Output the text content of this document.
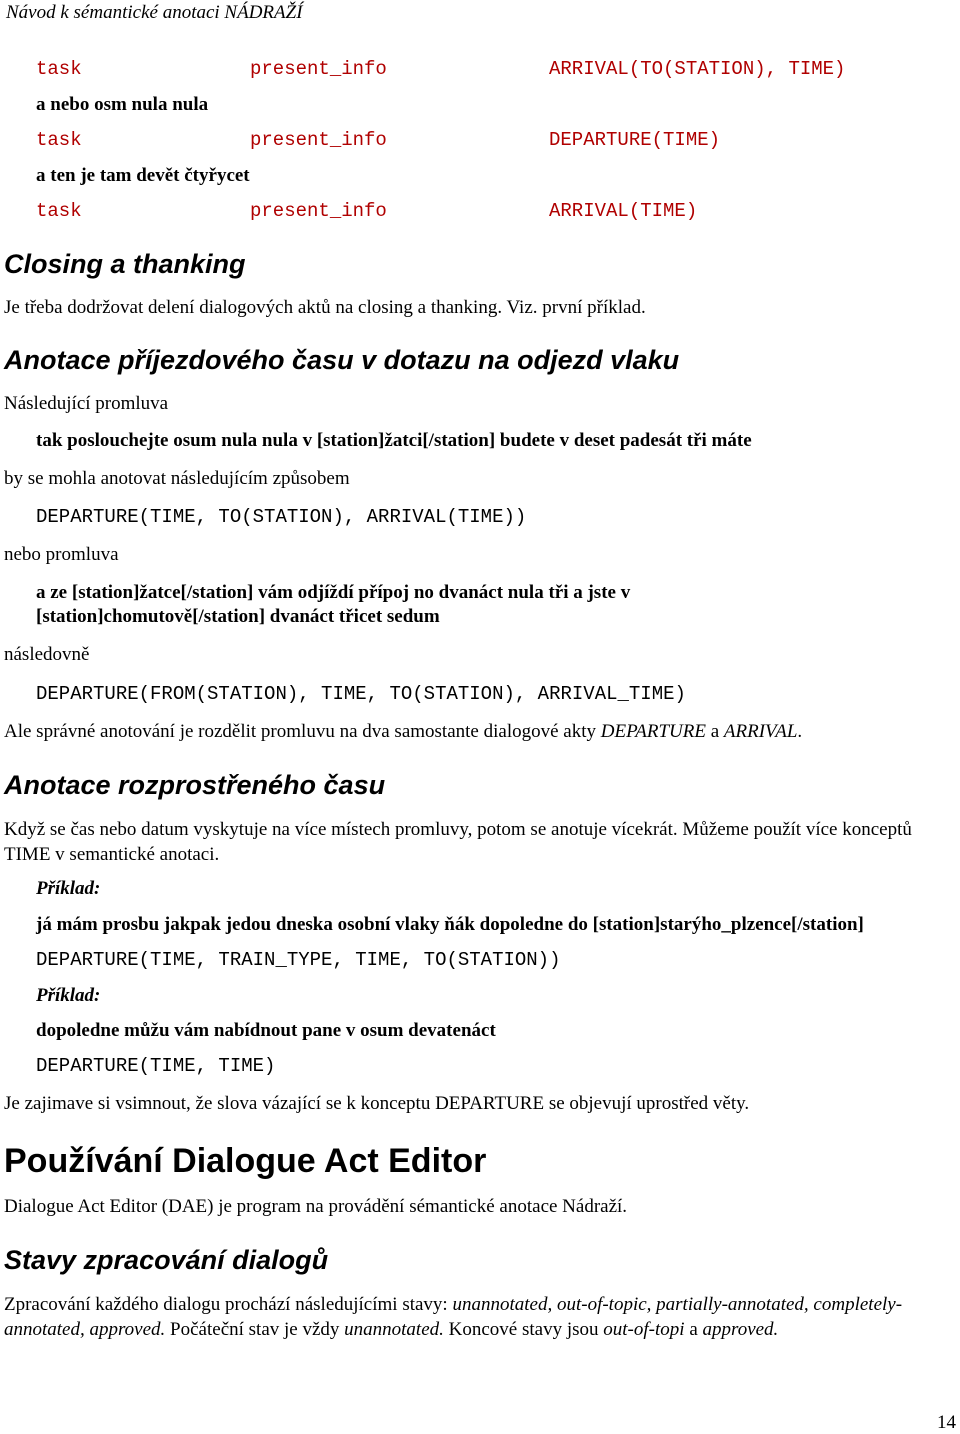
Návod k sémantické anotaci NÁDRAŽÍ
task	present_info	ARRIVAL(TO(STATION), TIME)
a nebo osm nula nula
task	present_info	DEPARTURE(TIME)
a ten je tam devět čtyřycet
task	present_info	ARRIVAL(TIME)
Closing a thanking
Je třeba dodržovat delení dialogových aktů na closing a thanking. Viz. první příklad.
Anotace příjezdového času v dotazu na odjezd vlaku
Následující promluva
tak poslouchejte osum nula nula v [station]žatci[/station] budete v deset padesát tři máte
by se mohla anotovat následujícím způsobem
DEPARTURE(TIME, TO(STATION), ARRIVAL(TIME))
nebo promluva
a ze [station]žatce[/station] vám odjíždí přípoj no dvanáct nula tři a jste v
[station]chomutově[/station] dvanáct třicet sedum
následovně
DEPARTURE(FROM(STATION), TIME, TO(STATION), ARRIVAL_TIME)
Ale správné anotování je rozdělit promluvu na dva samostante dialogové akty DEPARTURE a ARRIVAL.
Anotace rozprostřeného času
Když se čas nebo datum vyskytuje na více místech promluvy, potom se anotuje vícekrát. Můžeme použít více konceptů TIME v semantické anotaci.
Příklad:
já mám prosbu jakpak jedou dneska osobní vlaky ňák dopoledne do [station]starýho_plzence[/station]
DEPARTURE(TIME, TRAIN_TYPE, TIME, TO(STATION))
Příklad:
dopoledne můžu vám nabídnout pane v osum devatenáct
DEPARTURE(TIME, TIME)
Je zajimave si vsimnout, že slova vázající se k konceptu DEPARTURE se objevují uprostřed věty.
Používání Dialogue Act Editor
Dialogue Act Editor (DAE) je program na provádění sémantické anotace Nádraží.
Stavy zpracování dialogů
Zpracování každého dialogu prochází následujícími stavy: unannotated, out-of-topic, partially-annotated, completely-annotated, approved. Počáteční stav je vždy unannotated. Koncové stavy jsou out-of-topi a approved.
14
